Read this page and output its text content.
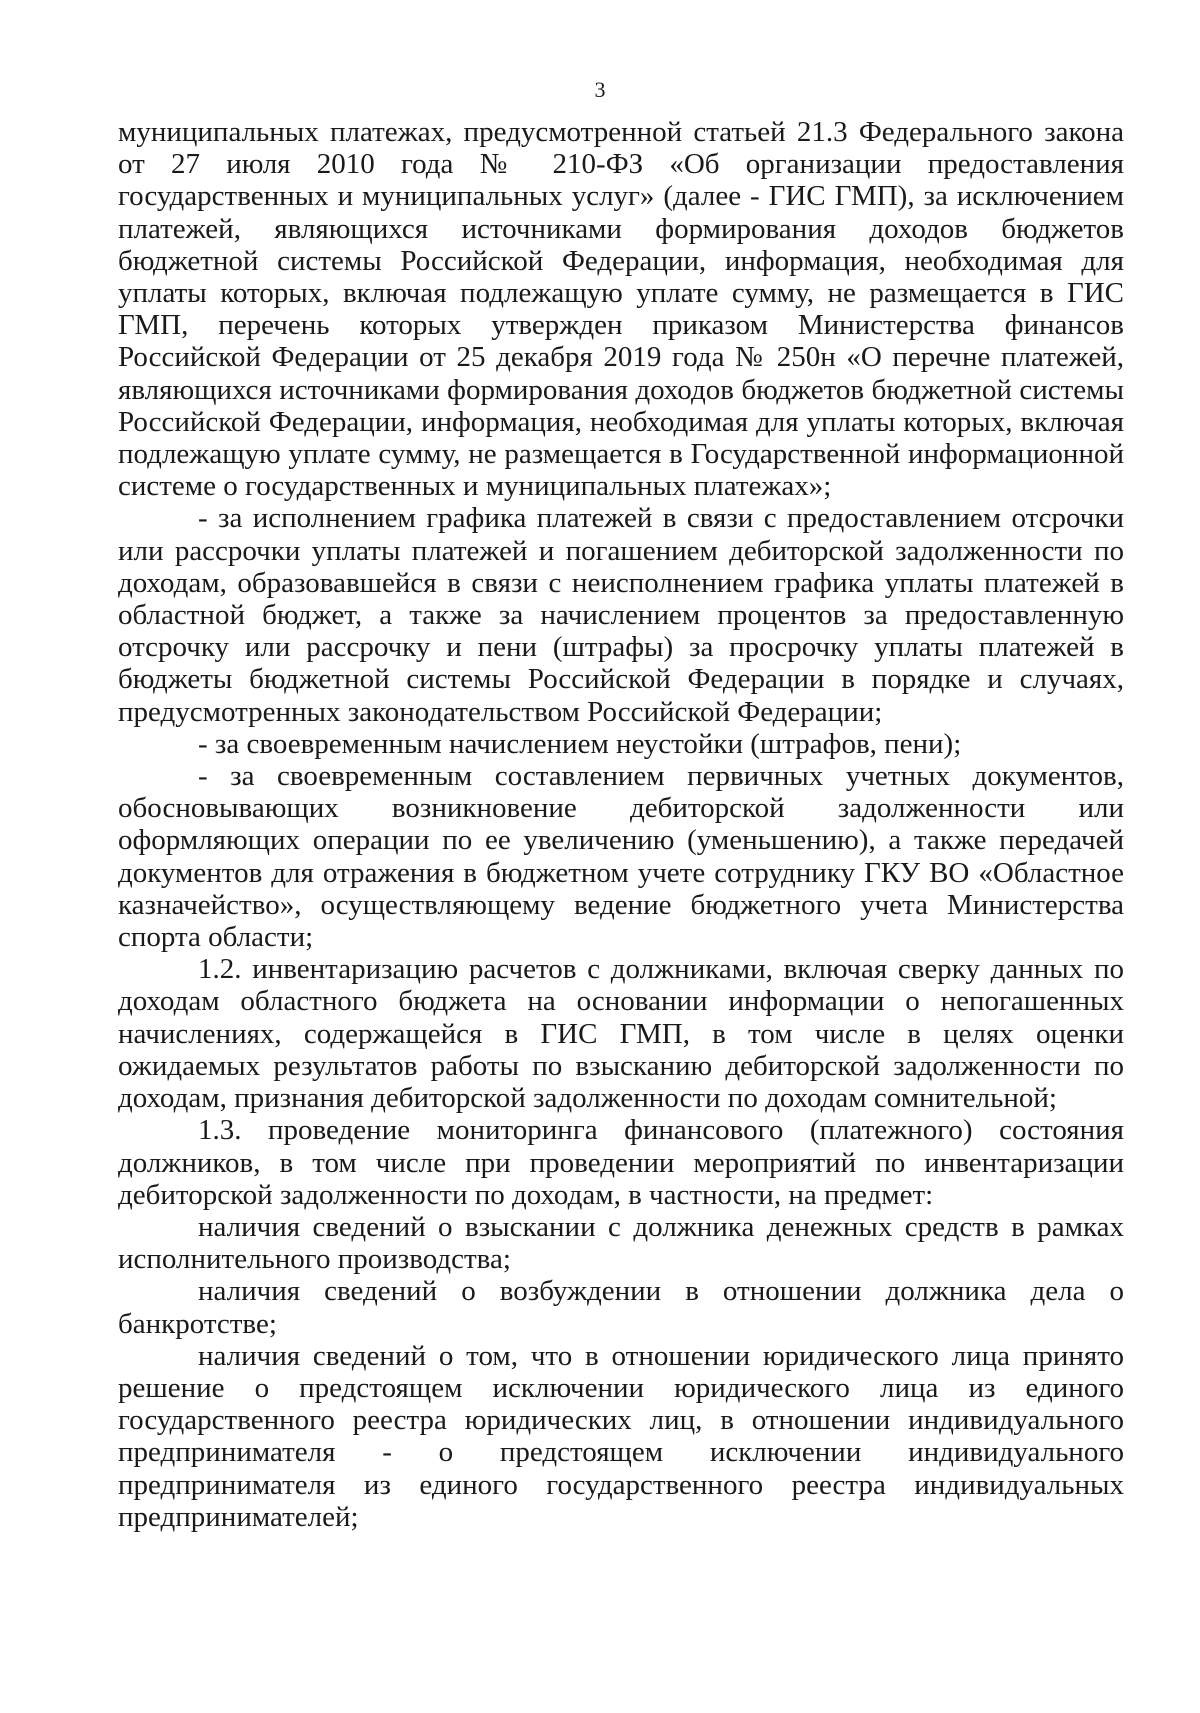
3

муниципальных платежах, предусмотренной статьей 21.3 Федерального закона от 27 июля 2010 года № 210-ФЗ «Об организации предоставления государственных и муниципальных услуг» (далее - ГИС ГМП), за исключением платежей, являющихся источниками формирования доходов бюджетов бюджетной системы Российской Федерации, информация, необходимая для уплаты которых, включая подлежащую уплате сумму, не размещается в ГИС ГМП, перечень которых утвержден приказом Министерства финансов Российской Федерации от 25 декабря 2019 года № 250н «О перечне платежей, являющихся источниками формирования доходов бюджетов бюджетной системы Российской Федерации, информация, необходимая для уплаты которых, включая подлежащую уплате сумму, не размещается в Государственной информационной системе о государственных и муниципальных платежах»;

- за исполнением графика платежей в связи с предоставлением отсрочки или рассрочки уплаты платежей и погашением дебиторской задолженности по доходам, образовавшейся в связи с неисполнением графика уплаты платежей в областной бюджет, а также за начислением процентов за предоставленную отсрочку или рассрочку и пени (штрафы) за просрочку уплаты платежей в бюджеты бюджетной системы Российской Федерации в порядке и случаях, предусмотренных законодательством Российской Федерации;

- за своевременным начислением неустойки (штрафов, пени);

- за своевременным составлением первичных учетных документов, обосновывающих возникновение дебиторской задолженности или оформляющих операции по ее увеличению (уменьшению), а также передачей документов для отражения в бюджетном учете сотруднику ГКУ ВО «Областное казначейство», осуществляющему ведение бюджетного учета Министерства спорта области;

1.2. инвентаризацию расчетов с должниками, включая сверку данных по доходам областного бюджета на основании информации о непогашенных начислениях, содержащейся в ГИС ГМП, в том числе в целях оценки ожидаемых результатов работы по взысканию дебиторской задолженности по доходам, признания дебиторской задолженности по доходам сомнительной;

1.3. проведение мониторинга финансового (платежного) состояния должников, в том числе при проведении мероприятий по инвентаризации дебиторской задолженности по доходам, в частности, на предмет:

наличия сведений о взыскании с должника денежных средств в рамках исполнительного производства;

наличия сведений о возбуждении в отношении должника дела о банкротстве;

наличия сведений о том, что в отношении юридического лица принято решение о предстоящем исключении юридического лица из единого государственного реестра юридических лиц, в отношении индивидуального предпринимателя - о предстоящем исключении индивидуального предпринимателя из единого государственного реестра индивидуальных предпринимателей;
